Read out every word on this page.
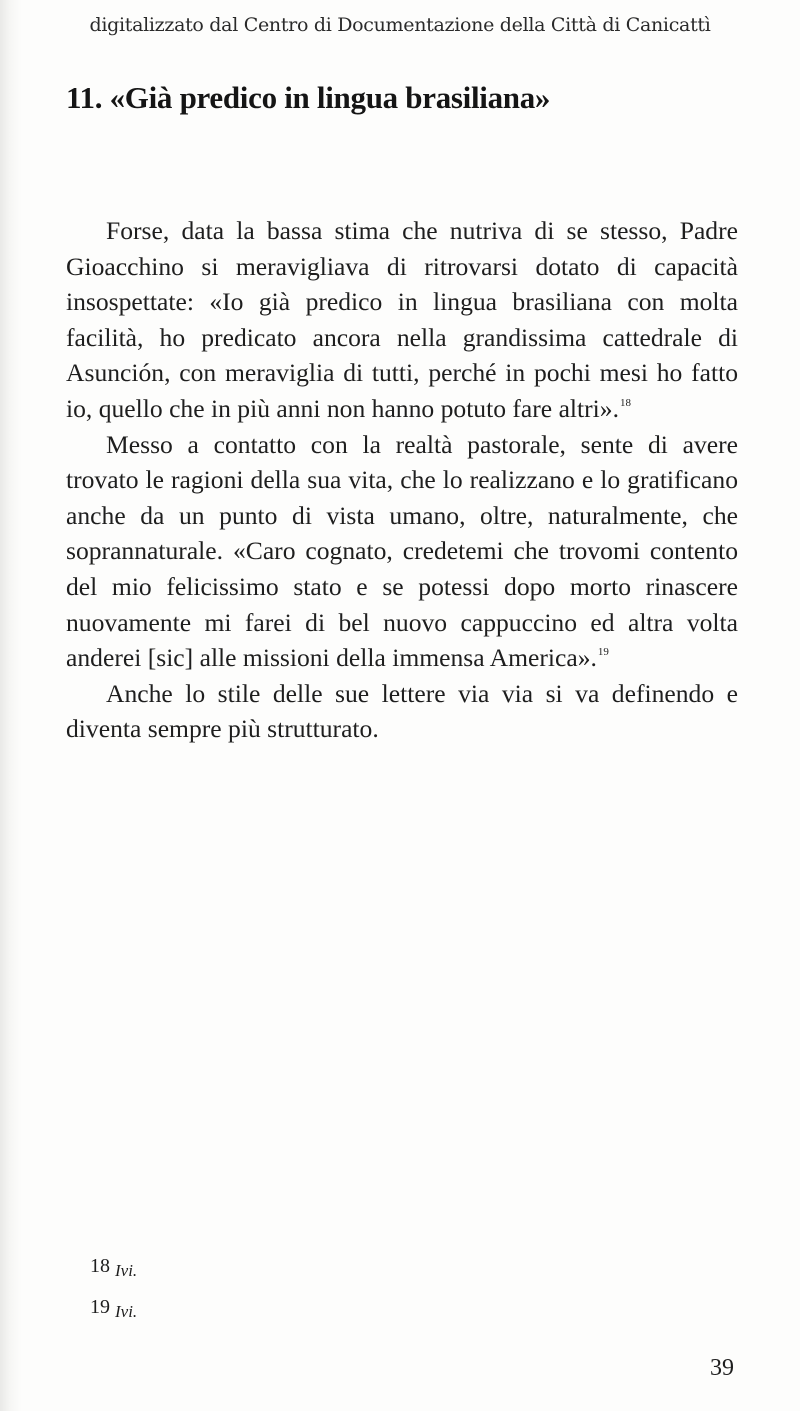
digitalizzato dal Centro di Documentazione della Città di Canicattì
11. «Già predico in lingua brasiliana»

Forse, data la bassa stima che nutriva di se stesso, Padre Gioacchino si meravigliava di ritrovarsi dotato di capacità insospettate: «Io già predico in lingua brasiliana con molta facilità, ho predicato ancora nella grandissima cattedrale di Asunción, con meraviglia di tutti, perché in pochi mesi ho fatto io, quello che in più anni non hanno potuto fare altri».$^{18}$

Messo a contatto con la realtà pastorale, sente di avere trovato le ragioni della sua vita, che lo realizzano e lo gratificano anche da un punto di vista umano, oltre, naturalmente, che soprannaturale. «Caro cognato, credetemi che trovomi contento del mio felicissimo stato e se potessi dopo morto rinascere nuovamente mi farei di bel nuovo cappuccino ed altra volta anderei [sic] alle missioni della immensa America».$^{19}$

Anche lo stile delle sue lettere via via si va definendo e diventa sempre più strutturato.

18 Ivi.
19 Ivi.
39
